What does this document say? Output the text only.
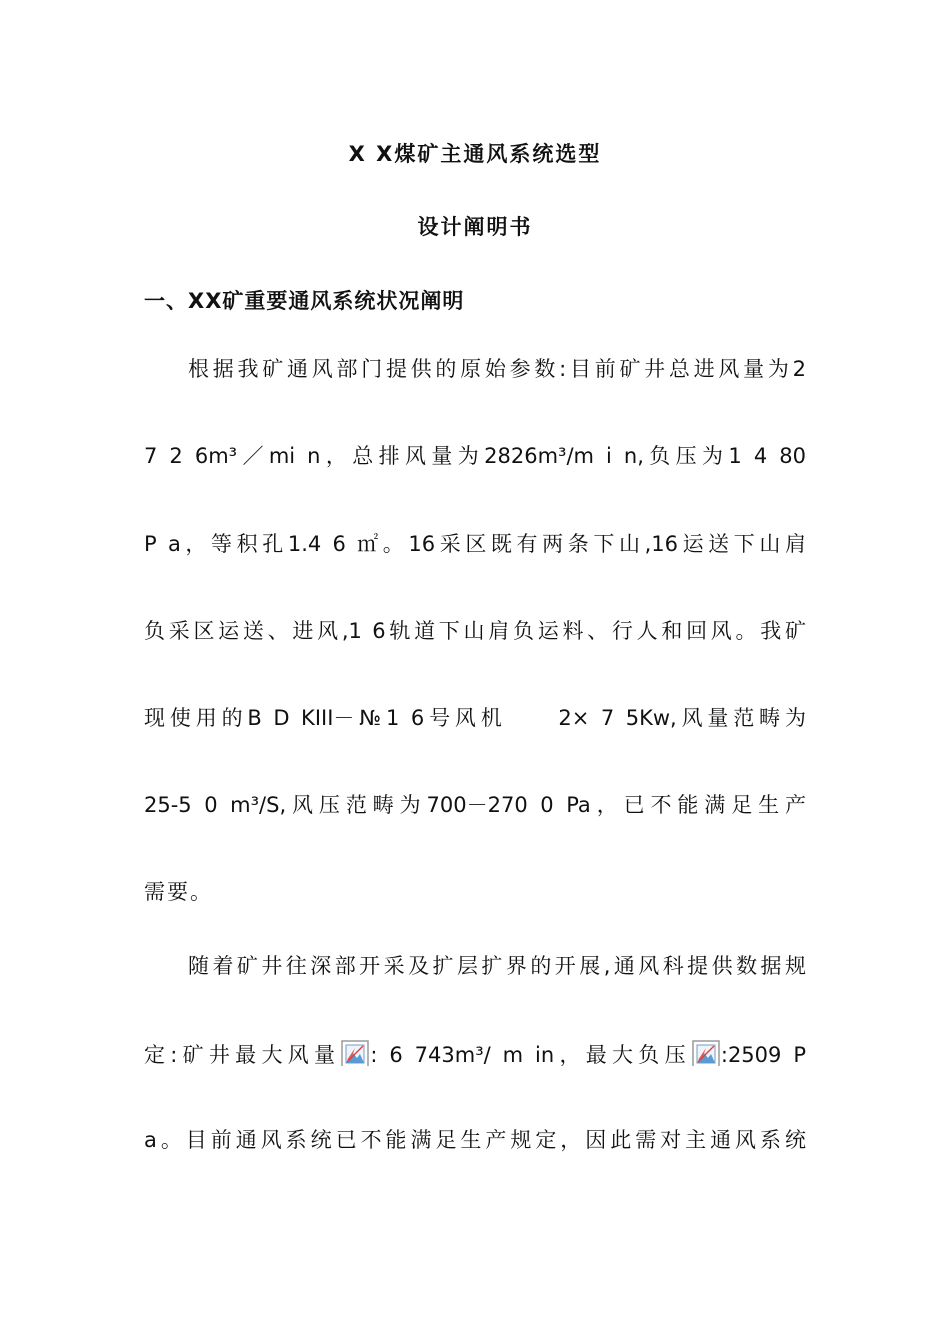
X X煤矿主通风系统选型
设计阐明书
一、XX矿重要通风系统状况阐明
根据我矿通风部门提供的原始参数:目前矿井总进风量为2
7 2 6m³／mi n，总排风量为2826m³/m i n,负压为1 4 80
P a，等积孔1.4 6 ㎡。16采区既有两条下山,16运送下山肩
负采区运送、进风,1 6轨道下山肩负运料、行人和回风。我矿
现使用的B D KIII－№1 6号风机　　2× 7 5Kw,风量范畴为
25-5 0 m³/S,风压范畴为700－270 0 Pa，已不能满足生产
需要。
随着矿井往深部开采及扩层扩界的开展,通风科提供数据规
定:矿井最大风量 : 6 743m³/ m in，最大负压 :2509 P
a。目前通风系统已不能满足生产规定，因此需对主通风系统
